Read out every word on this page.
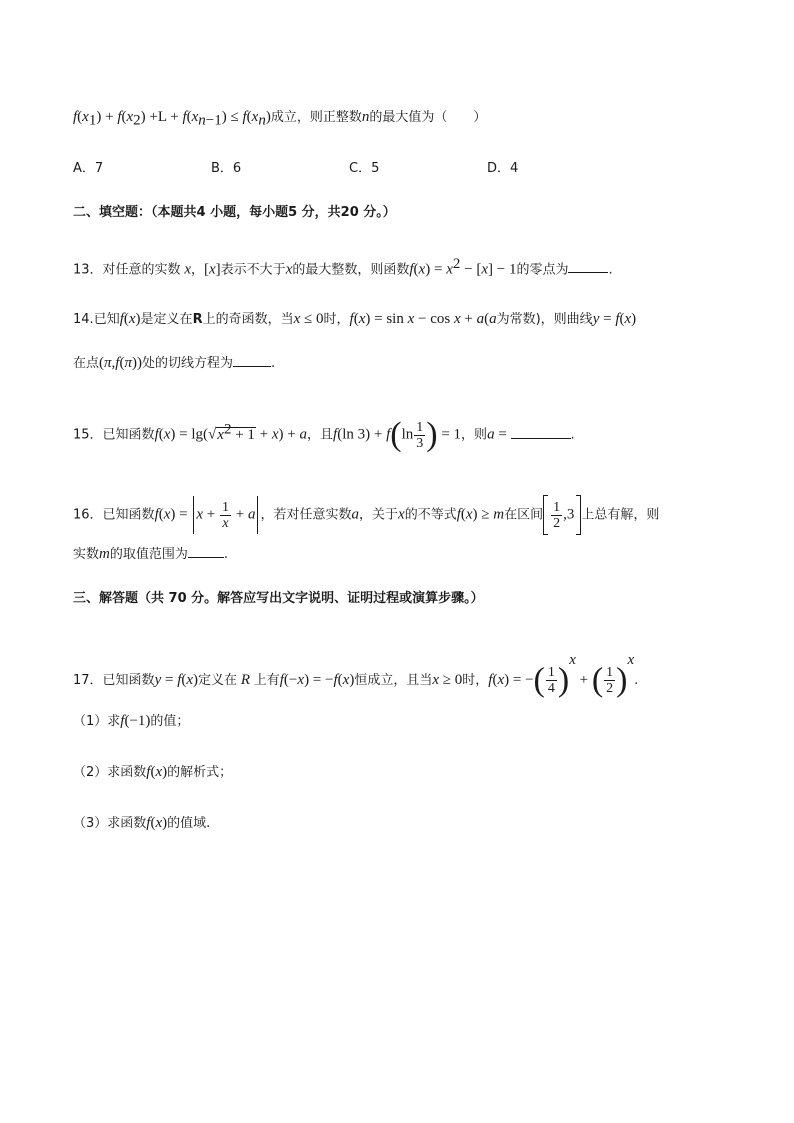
$f(x_1) + f(x_2) +L + f(x_{n-1}) \le f(x_n)$成立，则正整数n的最大值为（　　）
A．7	B．6	C．5	D．4
二、填空题：（本题共4 小题，每小题5 分，共20 分。）
13．对任意的实数 x，[x]表示不大于x的最大整数，则函数$f(x) = x^2 - [x] - 1$的零点为	.
14.已知f(x)是定义在R上的奇函数，当x ≤ 0时，f(x) = sin x − cos x + a(a为常数)，则曲线y = f(x)
在点(π,f(π))处的切线方程为	.
15．已知函数$f(x) = \lg(√x^2 + 1 + x) + a$，且f(ln $3) + f(\ln \frac{1}{3}$ ) = 1，则a =	.
16．已知函数$f(x) = x + \frac{1}{x} + a$ ，若对任意实数a，关于x的不等式f(x) ≥ m在区间 $\frac{1}{2} ,3$ 上总有解，则
实数m的取值范围为	.
三、解答题（共 70 分。解答应写出文字说明、证明过程或演算步骤。）
17．已知函数y = f(x)定义在 R 上有f(−x) = −f(x)恒成立，且当x ≥ 0时，f(x) = −( $\frac{1}{4} )^x$ + ( $\frac{1}{2} )^x$.
（1）求f(−1)的值；
（2）求函数f(x)的解析式；
（3）求函数f(x)的值域.
